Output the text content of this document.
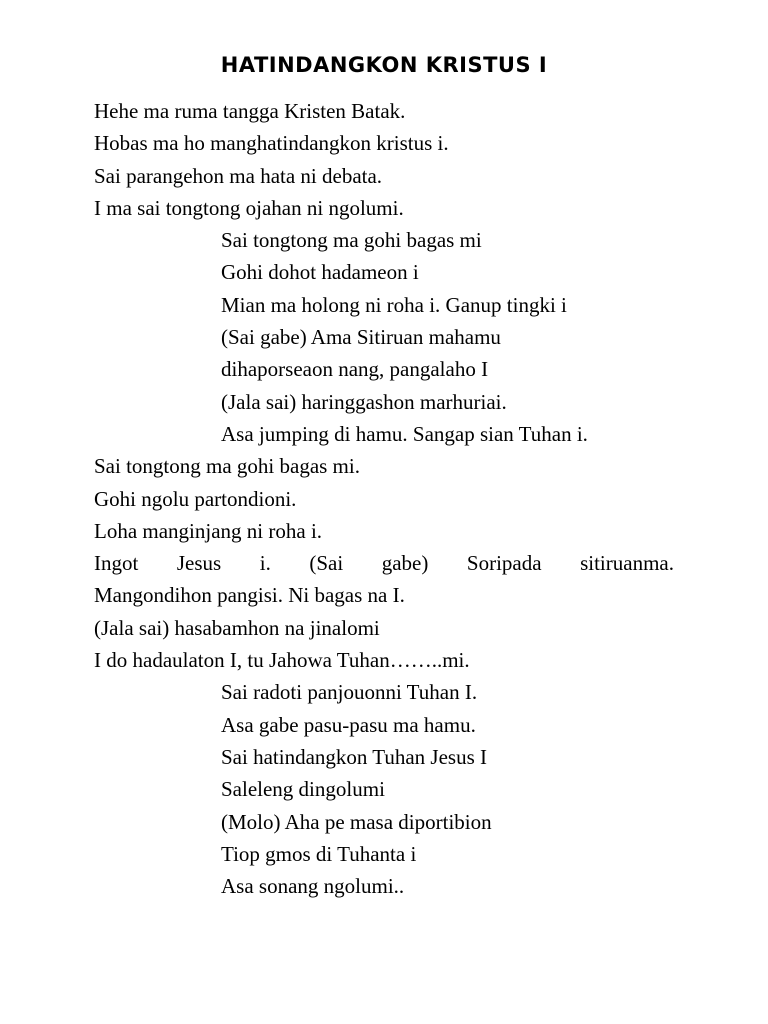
HATINDANGKON KRISTUS I
Hehe ma ruma tangga Kristen Batak.
Hobas ma ho manghatindangkon kristus i.
Sai parangehon ma hata ni debata.
I ma sai tongtong ojahan ni ngolumi.
Sai tongtong ma gohi bagas mi
Gohi dohot hadameon i
Mian ma holong ni roha i. Ganup tingki i
(Sai gabe) Ama Sitiruan mahamu
dihaporseaon nang, pangalaho I
(Jala sai) haringgashon marhuriai.
Asa jumping di hamu. Sangap sian Tuhan i.
Sai tongtong ma gohi bagas mi.
Gohi ngolu partondioni.
Loha manginjang ni roha i.
Ingot Jesus i. (Sai gabe) Soripada sitiruanma.
Mangondihon pangisi. Ni bagas na I.
(Jala sai) hasabamhon na jinalomi
I do hadaulaton I, tu Jahowa Tuhan……..mi.
Sai radoti panjouonni Tuhan I.
Asa gabe pasu-pasu ma hamu.
Sai hatindangkon Tuhan Jesus I
Saleleng dingolumi
(Molo) Aha pe masa diportibion
Tiop gmos di Tuhanta i
Asa sonang ngolumi..
